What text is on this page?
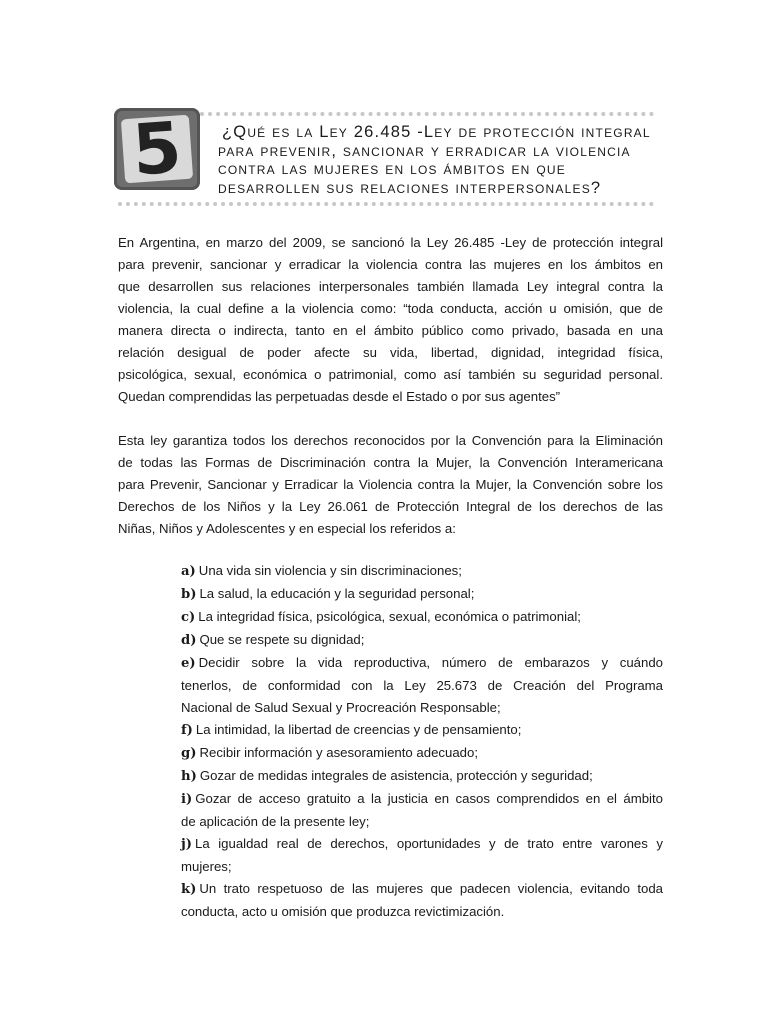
5	¿Qué es la Ley 26.485 -Ley de protección integral
para prevenir, sancionar y erradicar la violencia
contra las mujeres en los ámbitos en que
desarrollen sus relaciones interpersonales?
En Argentina, en marzo del 2009, se sancionó la Ley 26.485 -Ley de protección integral
para prevenir, sancionar y erradicar la violencia contra las mujeres en los ámbitos en
que desarrollen sus relaciones interpersonales también llamada Ley integral contra la
violencia, la cual define a la violencia como: “toda conducta, acción u omisión, que de
manera directa o indirecta, tanto en el ámbito público como privado, basada en una
relación desigual de poder afecte su vida, libertad, dignidad, integridad física,
psicológica, sexual, económica o patrimonial, como así también su seguridad personal.
Quedan comprendidas las perpetuadas desde el Estado o por sus agentes”
Esta ley garantiza todos los derechos reconocidos por la Convención para la Eliminación
de todas las Formas de Discriminación contra la Mujer, la Convención Interamericana
para Prevenir, Sancionar y Erradicar la Violencia contra la Mujer, la Convención sobre los
Derechos de los Niños y la Ley 26.061 de Protección Integral de los derechos de las
Niñas, Niños y Adolescentes y en especial los referidos a:
a) Una vida sin violencia y sin discriminaciones;
b) La salud, la educación y la seguridad personal;
c) La integridad física, psicológica, sexual, económica o patrimonial;
d) Que se respete su dignidad;
e) Decidir sobre la vida reproductiva, número de embarazos y cuándo
tenerlos, de conformidad con la Ley 25.673 de Creación del Programa
Nacional de Salud Sexual y Procreación Responsable;
f) La intimidad, la libertad de creencias y de pensamiento;
g) Recibir información y asesoramiento adecuado;
h) Gozar de medidas integrales de asistencia, protección y seguridad;
i) Gozar de acceso gratuito a la justicia en casos comprendidos en el ámbito
de aplicación de la presente ley;
j) La igualdad real de derechos, oportunidades y de trato entre varones y
mujeres;
k) Un trato respetuoso de las mujeres que padecen violencia, evitando toda
conducta, acto u omisión que produzca revictimización.
